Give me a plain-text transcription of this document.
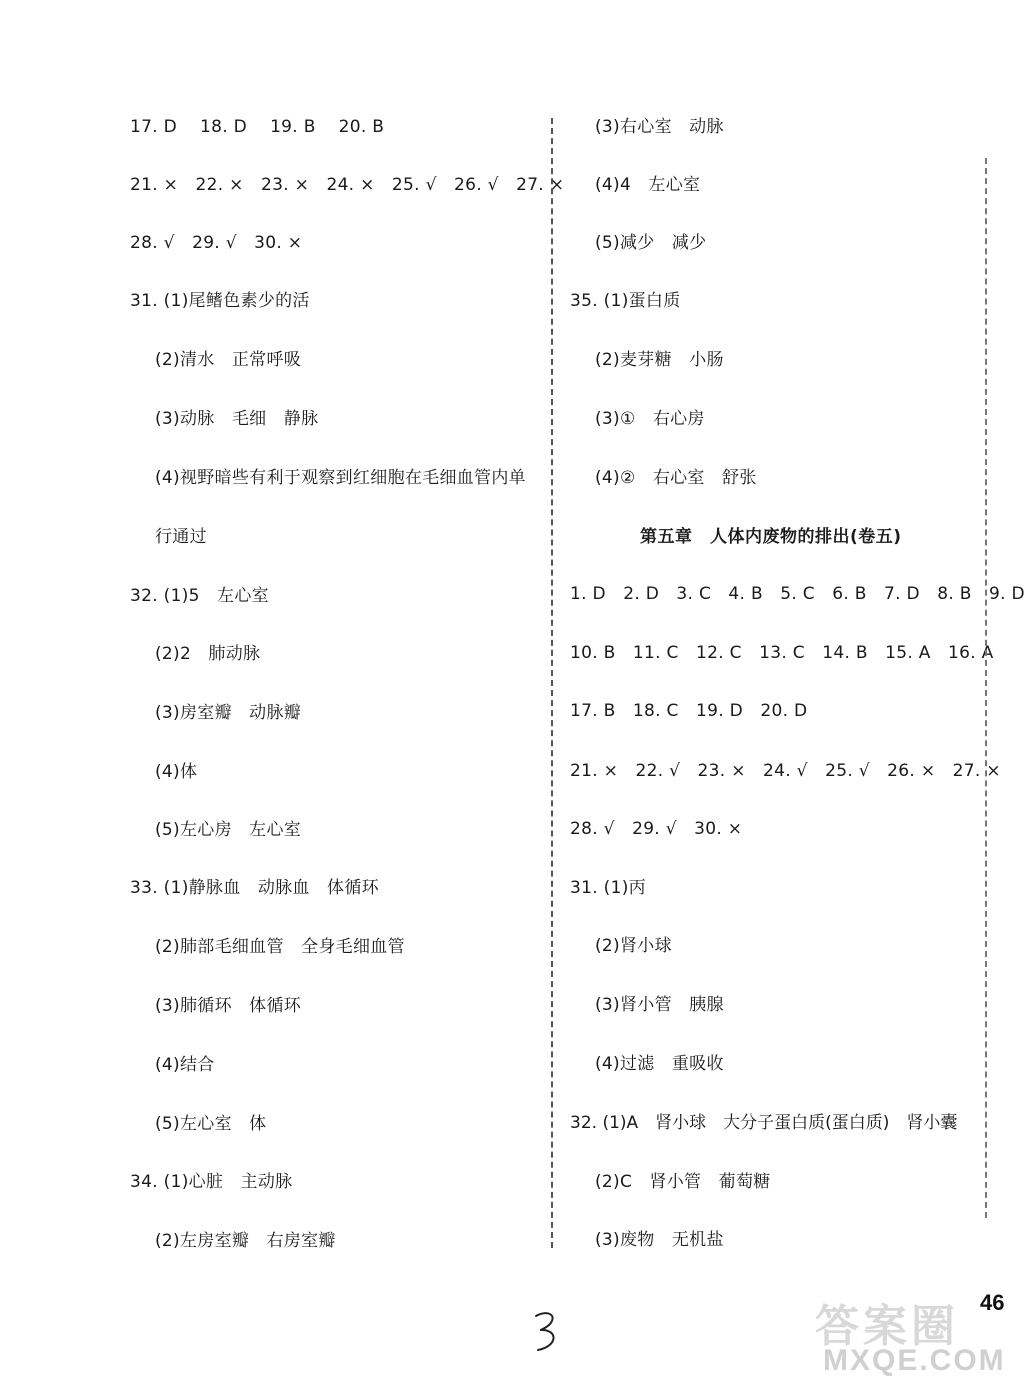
17. D　 18. D　 19. B　 20. B
21. ×　22. ×　23. ×　24. ×　25. √　26. √　27. ×
28. √　29. √　30. ×
31. (1)尾鳍色素少的活
(2)清水　正常呼吸
(3)动脉　毛细　静脉
(4)视野暗些有利于观察到红细胞在毛细血管内单
行通过
32. (1)5　左心室
(2)2　肺动脉
(3)房室瓣　动脉瓣
(4)体
(5)左心房　左心室
33. (1)静脉血　动脉血　体循环
(2)肺部毛细血管　全身毛细血管
(3)肺循环　体循环
(4)结合
(5)左心室　体
34. (1)心脏　主动脉
(2)左房室瓣　右房室瓣
(3)右心室　动脉
(4)4　左心室
(5)减少　减少
35. (1)蛋白质
(2)麦芽糖　小肠
(3)①　右心房
(4)②　右心室　舒张
第五章　人体内废物的排出(卷五)
1. D　2. D　3. C　4. B　5. C　6. B　7. D　8. B　9. D
10. B　11. C　12. C　13. C　14. B　15. A　16. A
17. B　18. C　19. D　20. D
21. ×　22. √　23. ×　24. √　25. √　26. ×　27. ×
28. √　29. √　30. ×
31. (1)丙
(2)肾小球
(3)肾小管　胰腺
(4)过滤　重吸收
32. (1)A　肾小球　大分子蛋白质(蛋白质)　肾小囊
(2)C　肾小管　葡萄糖
(3)废物　无机盐
46
答案圈
MXQE.COM
